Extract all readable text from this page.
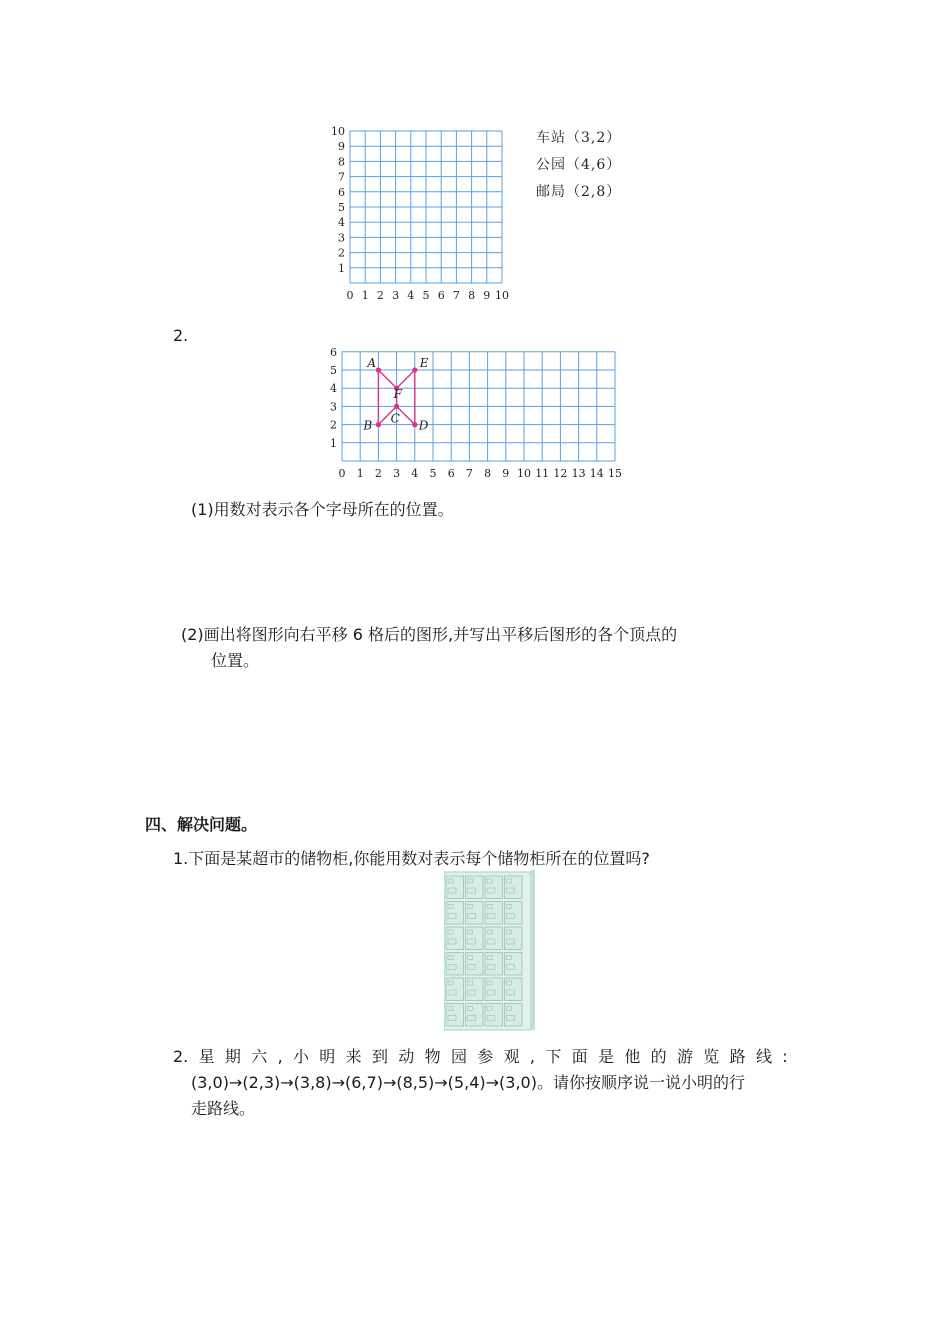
0 1 2 3 4 5 6 7 8 9 10
1
2
3
4
5
6
7
8
9
10	车站（3,2）
公园（4,6）
邮局（2,8）
2.
0 1 2 3 4 5 6 7 8 9 10 11 12 13 14 15
1
2
3
4
5
6
A	E
F
C
B	D
(1)用数对表示各个字母所在的位置。
(2)画出将图形向右平移 6 格后的图形,并写出平移后图形的各个顶点的
位置。
四、解决问题。
1.下面是某超市的储物柜,你能用数对表示每个储物柜所在的位置吗?
2. 星 期 六 , 小 明 来 到 动 物 园 参 观 , 下 面 是 他 的 游 览 路 线 :
(3,0)→(2,3)→(3,8)→(6,7)→(8,5)→(5,4)→(3,0)。请你按顺序说一说小明的行
走路线。
